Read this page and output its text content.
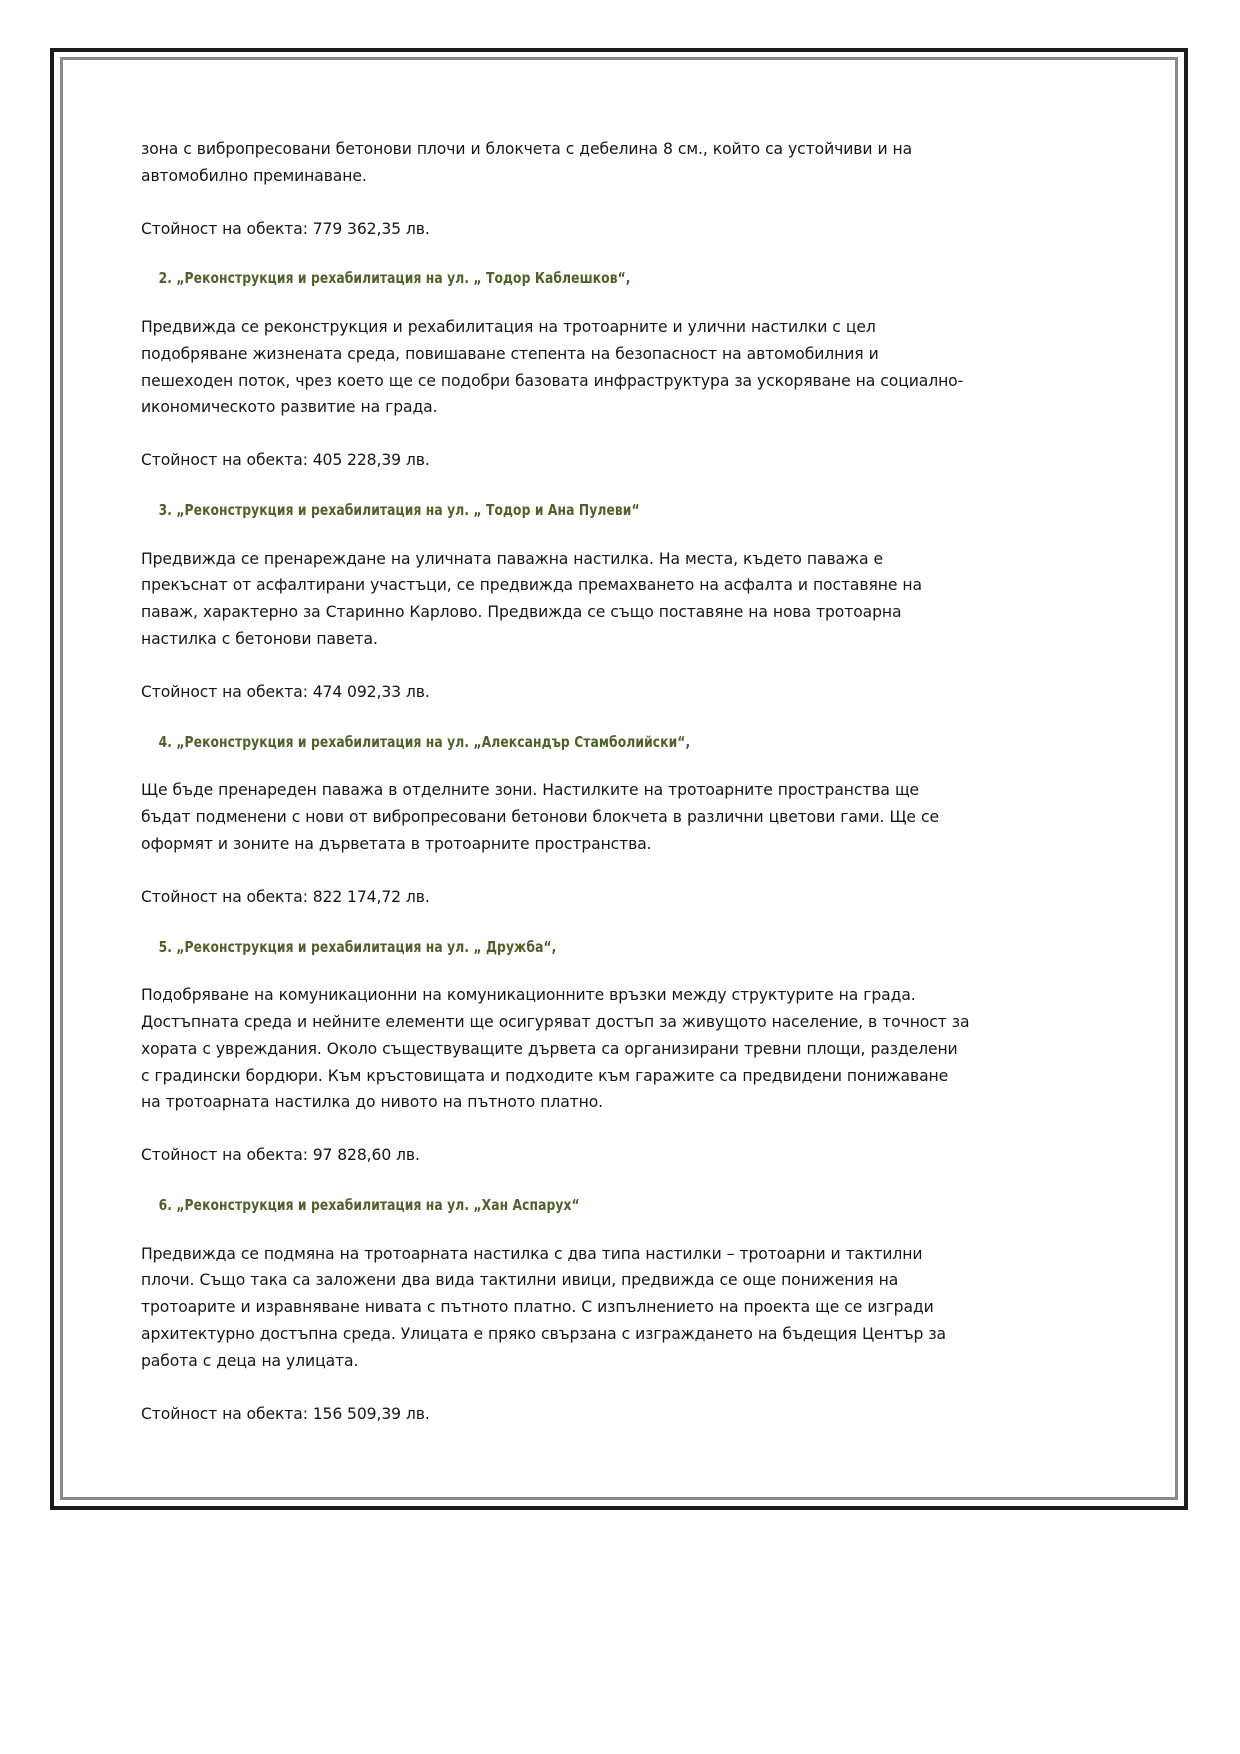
зона с вибропресовани бетонови плочи и блокчета с дебелина 8 см., който са устойчиви и на автомобилно преминаване.

Стойност на обекта: 779 362,35 лв.

2. „Реконструкция и рехабилитация на ул. „ Тодор Каблешков“,

Предвижда се реконструкция и рехабилитация на тротоарните и улични настилки с цел подобряване жизнената среда, повишаване степента на безопасност на автомобилния и пешеходен поток, чрез което ще се подобри базовата инфраструктура за ускоряване на социално- икономическото развитие на града.

Стойност на обекта: 405 228,39 лв.

3. „Реконструкция и рехабилитация на ул. „ Тодор и Ана Пулеви“

Предвижда се пренареждане на уличната паважна настилка. На места, където паважа е прекъснат от асфалтирани участъци, се предвижда премахването на асфалта и поставяне на паваж, характерно за Старинно Карлово. Предвижда се също поставяне на нова тротоарна настилка с бетонови павета.

Стойност на обекта: 474 092,33 лв.

4. „Реконструкция и рехабилитация на ул. „Александър Стамболийски“,

Ще бъде пренареден паважа в отделните зони. Настилките на тротоарните пространства ще бъдат подменени с нови от вибропресовани бетонови блокчета в различни цветови гами. Ще се оформят и зоните на дърветата в тротоарните пространства.

Стойност на обекта: 822 174,72 лв.

5. „Реконструкция и рехабилитация на ул. „ Дружба“,

Подобряване на комуникационни на комуникационните връзки между структурите на града. Достъпната среда и нейните елементи ще осигуряват достъп за живущото население, в точност за хората с увреждания. Около съществуващите дървета са организирани тревни площи, разделени с градински бордюри. Към кръстовищата и подходите към гаражите са предвидени понижаване на тротоарната настилка до нивото на пътното платно.

Стойност на обекта: 97 828,60 лв.

6. „Реконструкция и рехабилитация на ул. „Хан Аспарух“

Предвижда се подмяна на тротоарната настилка с два типа настилки – тротоарни и тактилни плочи. Също така са заложени два вида тактилни ивици, предвижда се още понижения на тротоарите и изравняване нивата с пътното платно. С изпълнението на проекта ще се изгради архитектурно достъпна среда. Улицата е пряко свързана с изграждането на бъдещия Център за работа с деца на улицата.

Стойност на обекта: 156 509,39 лв.
